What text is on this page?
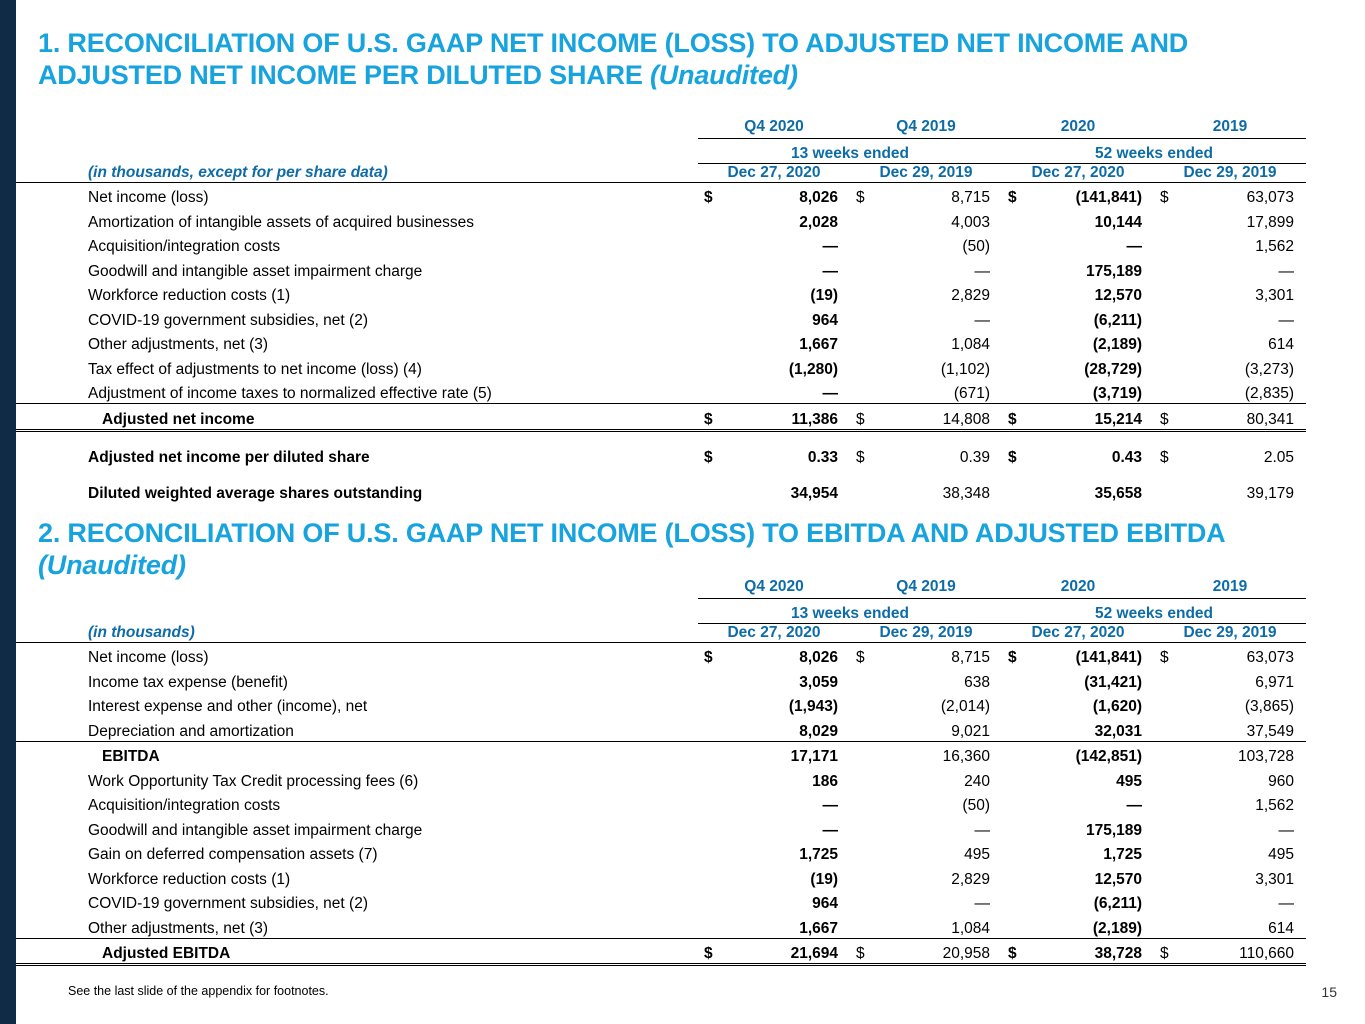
1. RECONCILIATION OF U.S. GAAP NET INCOME (LOSS) TO ADJUSTED NET INCOME AND ADJUSTED NET INCOME PER DILUTED SHARE (Unaudited)
	Q4 2020		Q4 2019		2020		2019	
	13 weeks ended				52 weeks ended			
(in thousands, except for per share data)	Dec 27, 2020		Dec 29, 2019		Dec 27, 2020		Dec 29, 2019	
Net income (loss)	$	8,026	$	8,715	$	(141,841)	$	63,073
Amortization of intangible assets of acquired businesses		2,028		4,003		10,144		17,899
Acquisition/integration costs		—		(50)		—		1,562
Goodwill and intangible asset impairment charge		—		—		175,189		—
Workforce reduction costs (1)		(19)		2,829		12,570		3,301
COVID-19 government subsidies, net (2)		964		—		(6,211)		—
Other adjustments, net (3)		1,667		1,084		(2,189)		614
Tax effect of adjustments to net income (loss) (4)		(1,280)		(1,102)		(28,729)		(3,273)
Adjustment of income taxes to normalized effective rate (5)		—		(671)		(3,719)		(2,835)
Adjusted net income	$	11,386	$	14,808	$	15,214	$	80,341

Adjusted net income per diluted share	$	0.33	$	0.39	$	0.43	$	2.05

Diluted weighted average shares outstanding		34,954		38,348		35,658		39,179
2. RECONCILIATION OF U.S. GAAP NET INCOME (LOSS) TO EBITDA AND ADJUSTED EBITDA (Unaudited)
	Q4 2020		Q4 2019		2020		2019	
	13 weeks ended				52 weeks ended			
(in thousands)	Dec 27, 2020		Dec 29, 2019		Dec 27, 2020		Dec 29, 2019	
Net income (loss)	$	8,026	$	8,715	$	(141,841)	$	63,073
Income tax expense (benefit)		3,059		638		(31,421)		6,971
Interest expense and other (income), net		(1,943)		(2,014)		(1,620)		(3,865)
Depreciation and amortization		8,029		9,021		32,031		37,549
EBITDA		17,171		16,360		(142,851)		103,728
Work Opportunity Tax Credit processing fees (6)		186		240		495		960
Acquisition/integration costs		—		(50)		—		1,562
Goodwill and intangible asset impairment charge		—		—		175,189		—
Gain on deferred compensation assets (7)		1,725		495		1,725		495
Workforce reduction costs (1)		(19)		2,829		12,570		3,301
COVID-19 government subsidies, net (2)		964		—		(6,211)		—
Other adjustments, net (3)		1,667		1,084		(2,189)		614
Adjusted EBITDA	$	21,694	$	20,958	$	38,728	$	110,660
See the last slide of the appendix for footnotes.	15
